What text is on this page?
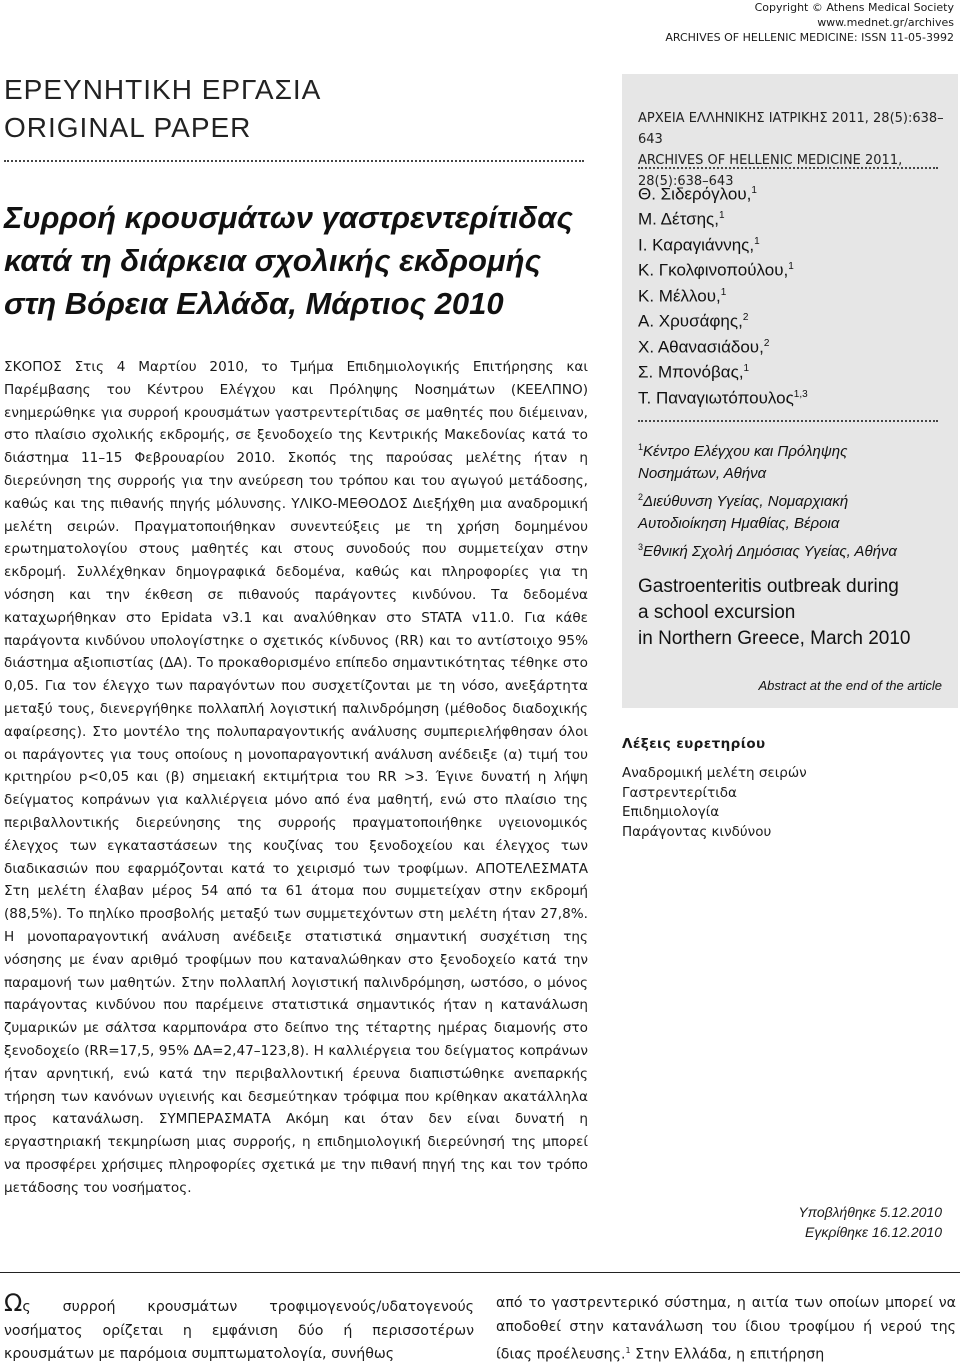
Copyright © Athens Medical Society
www.mednet.gr/archives
ARCHIVES OF HELLENIC MEDICINE: ISSN 11-05-3992
ΕΡΕΥΝΗΤΙΚΗ ΕΡΓΑΣΙΑ
ORIGINAL PAPER
Συρροή κρουσμάτων γαστρεντερίτιδας
κατά τη διάρκεια σχολικής εκδρομής
στη Βόρεια Ελλάδα, Μάρτιος 2010
ΣΚΟΠΟΣ Στις 4 Μαρτίου 2010, το Τμήμα Επιδημιολογικής Επιτήρησης και Παρέμβασης του Κέντρου Ελέγχου και Πρόληψης Νοσημάτων (ΚΕΕΛΠΝΟ) ενημερώθηκε για συρροή κρουσμάτων γαστρεντερίτιδας σε μαθητές που διέμειναν, στο πλαίσιο σχολικής εκδρομής, σε ξενοδοχείο της Κεντρικής Μακεδονίας κατά το διάστημα 11–15 Φεβρουαρίου 2010. Σκοπός της παρούσας μελέτης ήταν η διερεύνηση της συρροής για την ανεύρεση του τρόπου και του αγωγού μετάδοσης, καθώς και της πιθανής πηγής μόλυνσης. ΥΛΙΚΟ-ΜΕΘΟΔΟΣ Διεξήχθη μια αναδρομική μελέτη σειρών. Πραγματοποιήθηκαν συνεντεύξεις με τη χρήση δομημένου ερωτηματολογίου στους μαθητές και στους συνοδούς που συμμετείχαν στην εκδρομή. Συλλέχθηκαν δημογραφικά δεδομένα, καθώς και πληροφορίες για τη νόσηση και την έκθεση σε πιθανούς παράγοντες κινδύνου. Τα δεδομένα καταχωρήθηκαν στο Epidata v3.1 και αναλύθηκαν στο STATA v11.0. Για κάθε παράγοντα κινδύνου υπολογίστηκε ο σχετικός κίνδυνος (RR) και το αντίστοιχο 95% διάστημα αξιοπιστίας (ΔΑ). Το προκαθορισμένο επίπεδο σημαντικότητας τέθηκε στο 0,05. Για τον έλεγχο των παραγόντων που συσχετίζονται με τη νόσο, ανεξάρτητα μεταξύ τους, διενεργήθηκε πολλαπλή λογιστική παλινδρόμηση (μέθοδος διαδοχικής αφαίρεσης). Στο μοντέλο της πολυπαραγοντικής ανάλυσης συμπεριελήφθησαν όλοι οι παράγοντες για τους οποίους η μονοπαραγοντική ανάλυση ανέδειξε (α) τιμή του κριτηρίου p<0,05 και (β) σημειακή εκτιμήτρια του RR >3. Έγινε δυνατή η λήψη δείγματος κοπράνων για καλλιέργεια μόνο από ένα μαθητή, ενώ στο πλαίσιο της περιβαλλοντικής διερεύνησης της συρροής πραγματοποιήθηκε υγειονομικός έλεγχος των εγκαταστάσεων της κουζίνας του ξενοδοχείου και έλεγχος των διαδικασιών που εφαρμόζονται κατά το χειρισμό των τροφίμων. ΑΠΟΤΕΛΕΣΜΑΤΑ Στη μελέτη έλαβαν μέρος 54 από τα 61 άτομα που συμμετείχαν στην εκδρομή (88,5%). Το πηλίκο προσβολής μεταξύ των συμμετεχόντων στη μελέτη ήταν 27,8%. Η μονοπαραγοντική ανάλυση ανέδειξε στατιστικά σημαντική συσχέτιση της νόσησης με έναν αριθμό τροφίμων που καταναλώθηκαν στο ξενοδοχείο κατά την παραμονή των μαθητών. Στην πολλαπλή λογιστική παλινδρόμηση, ωστόσο, ο μόνος παράγοντας κινδύνου που παρέμεινε στατιστικά σημαντικός ήταν η κατανάλωση ζυμαρικών με σάλτσα καρμπονάρα στο δείπνο της τέταρτης ημέρας διαμονής στο ξενοδοχείο (RR=17,5, 95% ΔΑ=2,47–123,8). Η καλλιέργεια του δείγματος κοπράνων ήταν αρνητική, ενώ κατά την περιβαλλοντική έρευνα διαπιστώθηκε ανεπαρκής τήρηση των κανόνων υγιεινής και δεσμεύτηκαν τρόφιμα που κρίθηκαν ακατάλληλα προς κατανάλωση. ΣΥΜΠΕΡΑΣΜΑΤΑ Ακόμη και όταν δεν είναι δυνατή η εργαστηριακή τεκμηρίωση μιας συρροής, η επιδημιολογική διερεύνησή της μπορεί να προσφέρει χρήσιμες πληροφορίες σχετικά με την πιθανή πηγή της και τον τρόπο μετάδοσης του νοσήματος.
ΑΡΧΕΙΑ ΕΛΛΗΝΙΚΗΣ ΙΑΤΡΙΚΗΣ 2011, 28(5):638–643
ARCHIVES OF HELLENIC MEDICINE 2011, 28(5):638–643
Θ. Σιδερόγλου,$^1$
Μ. Δέτσης,$^1$
Ι. Καραγιάννης,$^1$
Κ. Γκολφινοπούλου,$^1$
Κ. Μέλλου,$^1$
Α. Χρυσάφης,$^2$
Χ. Αθανασιάδου,$^2$
Σ. Μπονόβας,$^1$
Τ. Παναγιωτόπουλος$^{1,3}$
$^1$Κέντρο Ελέγχου και Πρόληψης
Νοσημάτων, Αθήνα
$^2$Διεύθυνση Υγείας, Νομαρχιακή
Αυτοδιοίκηση Ημαθίας, Βέροια
$^3$Εθνική Σχολή Δημόσιας Υγείας, Αθήνα
Gastroenteritis outbreak during
a school excursion
in Northern Greece, March 2010
Abstract at the end of the article
Λέξεις ευρετηρίου
Αναδρομική μελέτη σειρών
Γαστρεντερίτιδα
Επιδημιολογία
Παράγοντας κινδύνου
Υποβλήθηκε 5.12.2010
Εγκρίθηκε 16.12.2010
Ως συρροή κρουσμάτων τροφιμογενούς/υδατογενούς νοσήματος ορίζεται η εμφάνιση δύο ή περισσοτέρων κρουσμάτων με παρόμοια συμπτωματολογία, συνήθως
από το γαστρεντερικό σύστημα, η αιτία των οποίων μπορεί να αποδοθεί στην κατανάλωση του ίδιου τροφίμου ή νερού της ίδιας προέλευσης.$^1$ Στην Ελλάδα, η επιτήρηση
